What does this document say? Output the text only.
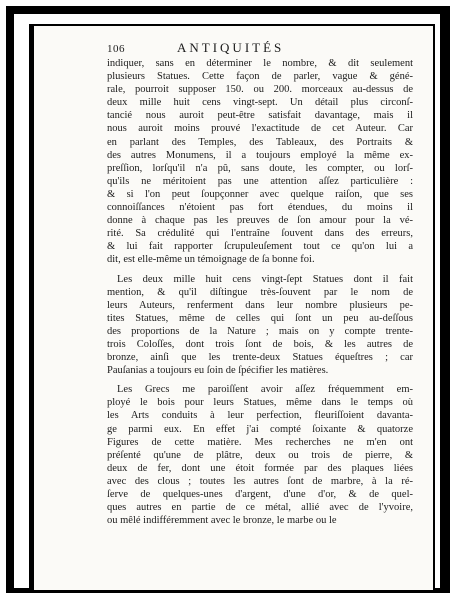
106	ANTIQUITÉS
indiquer, sans en déterminer le nombre, & dit seulement
plusieurs Statues. Cette façon de parler, vague & géné-
rale, pourroit supposer 150. ou 200. morceaux au-dessus de
deux mille huit cens vingt-sept. Un détail plus circonſ-
tancié nous auroit peut-être satisfait davantage, mais il
nous auroit moins prouvé l'exactitude de cet Auteur. Car
en parlant des Temples, des Tableaux, des Portraits &
des autres Monumens, il a toujours employé la même ex-
preſſion, lorſqu'il n'a pû, sans doute, les compter, ou lorſ-
qu'ils ne méritoient pas une attention aſſez particulière :
& si l'on peut ſoupçonner avec quelque raiſon, que ses
connoiſſances n'étoient pas fort étendues, du moins il
donne à chaque pas les preuves de ſon amour pour la vé-
rité. Sa crédulité qui l'entraîne ſouvent dans des erreurs,
& lui fait rapporter ſcrupuleuſement tout ce qu'on lui a
dit, est elle-même un témoignage de ſa bonne foi.
Les deux mille huit cens vingt-ſept Statues dont il fait
mention, & qu'il diſtingue très-ſouvent par le nom de
leurs Auteurs, renferment dans leur nombre plusieurs pe-
tites Statues, même de celles qui ſont un peu au-deſſous
des proportions de la Nature ; mais on y compte trente-
trois Coloſſes, dont trois ſont de bois, & les autres de
bronze, ainſi que les trente-deux Statues équeſtres ; car
Pauſanias a toujours eu ſoin de ſpécifier les matières.
Les Grecs me paroiſſent avoir aſſez fréquemment em-
ployé le bois pour leurs Statues, même dans le temps où
les Arts conduits à leur perfection, fleuriſſoient davanta-
ge parmi eux. En effet j'ai compté ſoixante & quatorze
Figures de cette matière. Mes recherches ne m'en ont
préſenté qu'une de plâtre, deux ou trois de pierre, &
deux de fer, dont une étoit formée par des plaques liées
avec des clous ; toutes les autres ſont de marbre, à la ré-
ſerve de quelques-unes d'argent, d'une d'or, & de quel-
ques autres en partie de ce métal, allié avec de l'yvoire,
ou mêlé indifféremment avec le bronze, le marbe ou le
